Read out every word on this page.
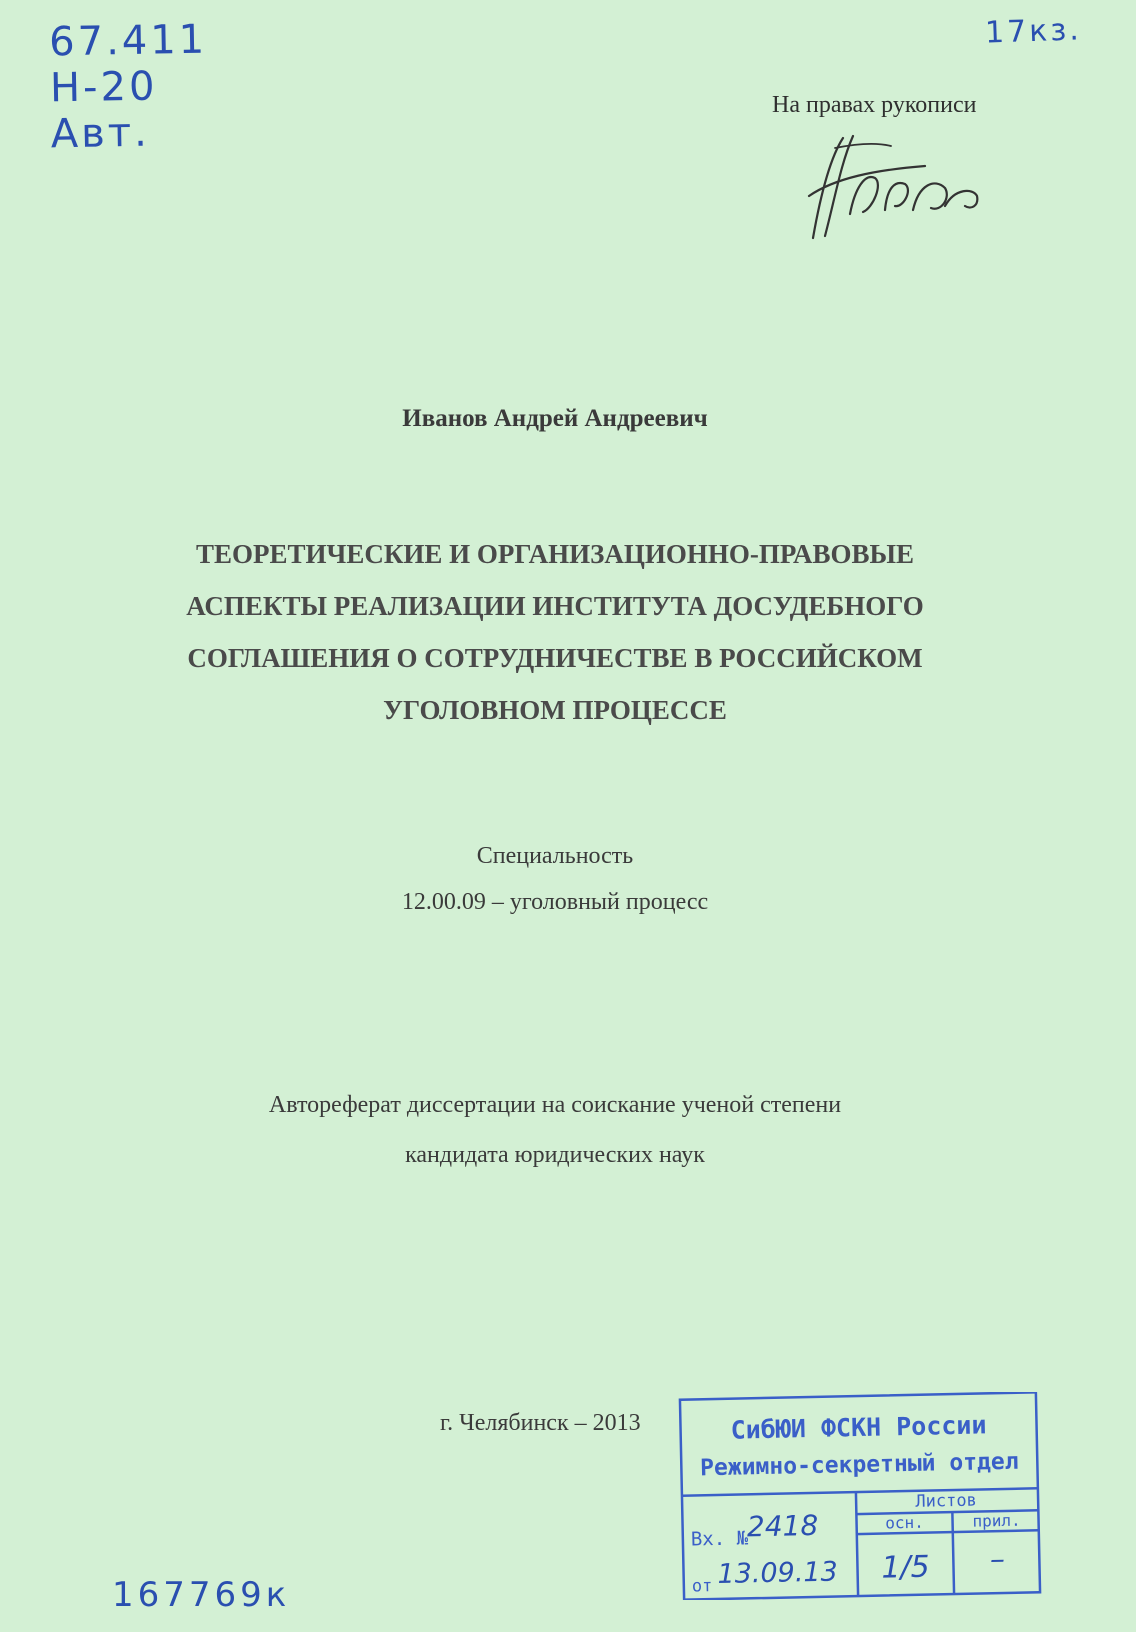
67.411
H-20
Авт.
17кз.
На правах рукописи
Иванов Андрей Андреевич
ТЕОРЕТИЧЕСКИЕ И ОРГАНИЗАЦИОННО-ПРАВОВЫЕ
АСПЕКТЫ РЕАЛИЗАЦИИ ИНСТИТУТА ДОСУДЕБНОГО
СОГЛАШЕНИЯ О СОТРУДНИЧЕСТВЕ В РОССИЙСКОМ
УГОЛОВНОМ ПРОЦЕССЕ
Специальность
12.00.09 – уголовный процесс
Автореферат диссертации на соискание ученой степени
кандидата юридических наук
г. Челябинск – 2013	СибЮИ ФСКН России
Режимно-секретный отдел
Листов
Вх. №
осн.	прил.
от
2418
13.09.13 1/5 –
167769к
